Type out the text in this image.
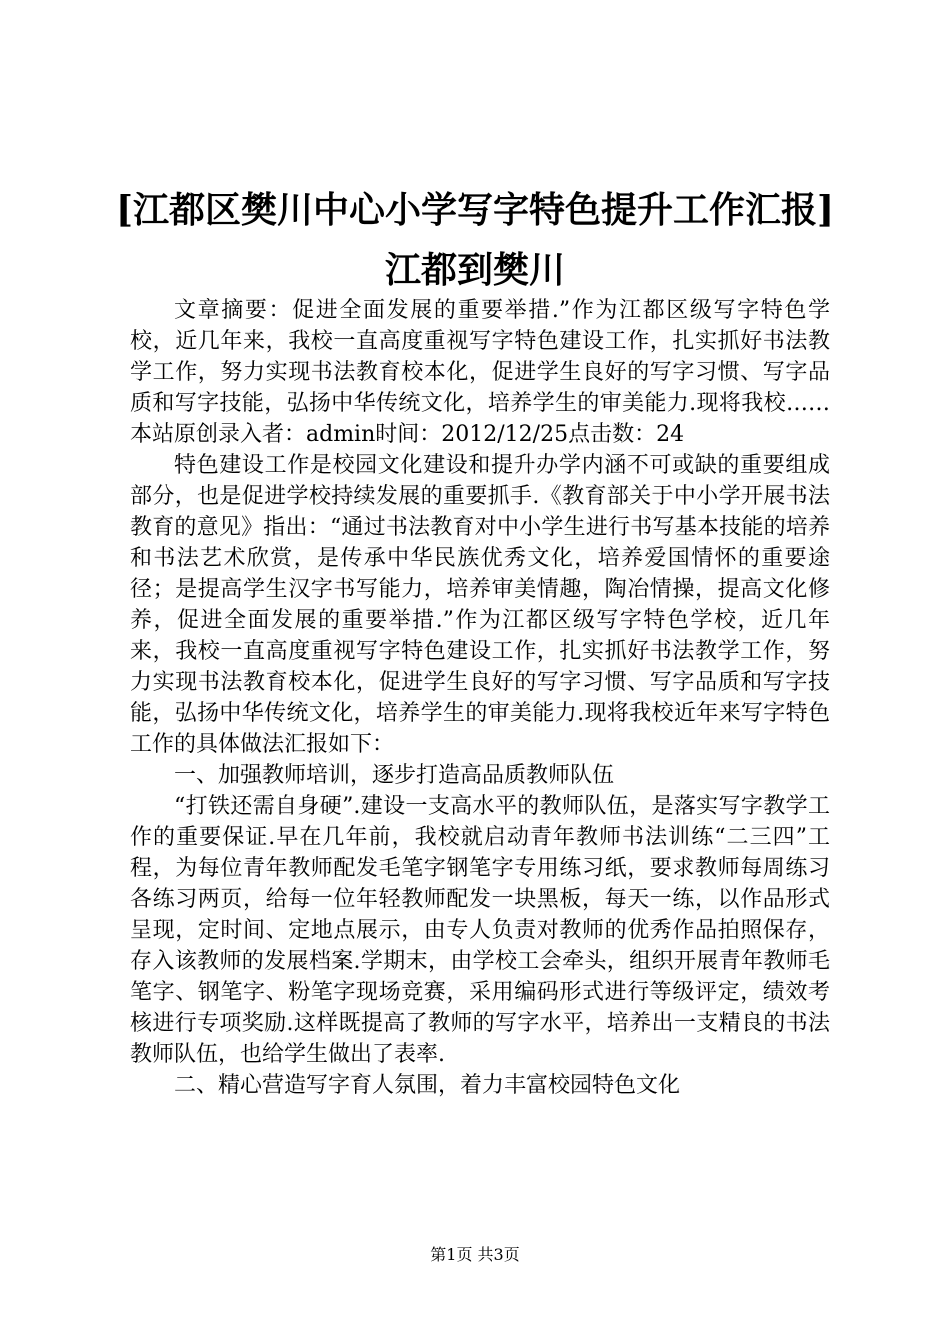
[江都区樊川中心小学写字特色提升工作汇报]
江都到樊川

文章摘要：促进全面发展的重要举措.”作为江都区级写字特色学校，近几年来，我校一直高度重视写字特色建设工作，扎实抓好书法教学工作，努力实现书法教育校本化，促进学生良好的写字习惯、写字品质和写字技能，弘扬中华传统文化，培养学生的审美能力.现将我校……本站原创录入者：admin时间：2012/12/25点击数：24

特色建设工作是校园文化建设和提升办学内涵不可或缺的重要组成部分，也是促进学校持续发展的重要抓手.《教育部关于中小学开展书法教育的意见》指出：“通过书法教育对中小学生进行书写基本技能的培养和书法艺术欣赏，是传承中华民族优秀文化，培养爱国情怀的重要途径；是提高学生汉字书写能力，培养审美情趣，陶冶情操，提高文化修养，促进全面发展的重要举措.”作为江都区级写字特色学校，近几年来，我校一直高度重视写字特色建设工作，扎实抓好书法教学工作，努力实现书法教育校本化，促进学生良好的写字习惯、写字品质和写字技能，弘扬中华传统文化，培养学生的审美能力.现将我校近年来写字特色工作的具体做法汇报如下：

一、加强教师培训，逐步打造高品质教师队伍

“打铁还需自身硬”.建设一支高水平的教师队伍，是落实写字教学工作的重要保证.早在几年前，我校就启动青年教师书法训练“二三四”工程，为每位青年教师配发毛笔字钢笔字专用练习纸，要求教师每周练习各练习两页，给每一位年轻教师配发一块黑板，每天一练，以作品形式呈现，定时间、定地点展示，由专人负责对教师的优秀作品拍照保存，存入该教师的发展档案.学期末，由学校工会牵头，组织开展青年教师毛笔字、钢笔字、粉笔字现场竞赛，采用编码形式进行等级评定，绩效考核进行专项奖励.这样既提高了教师的写字水平，培养出一支精良的书法教师队伍，也给学生做出了表率.

二、精心营造写字育人氛围，着力丰富校园特色文化

第1页 共3页
